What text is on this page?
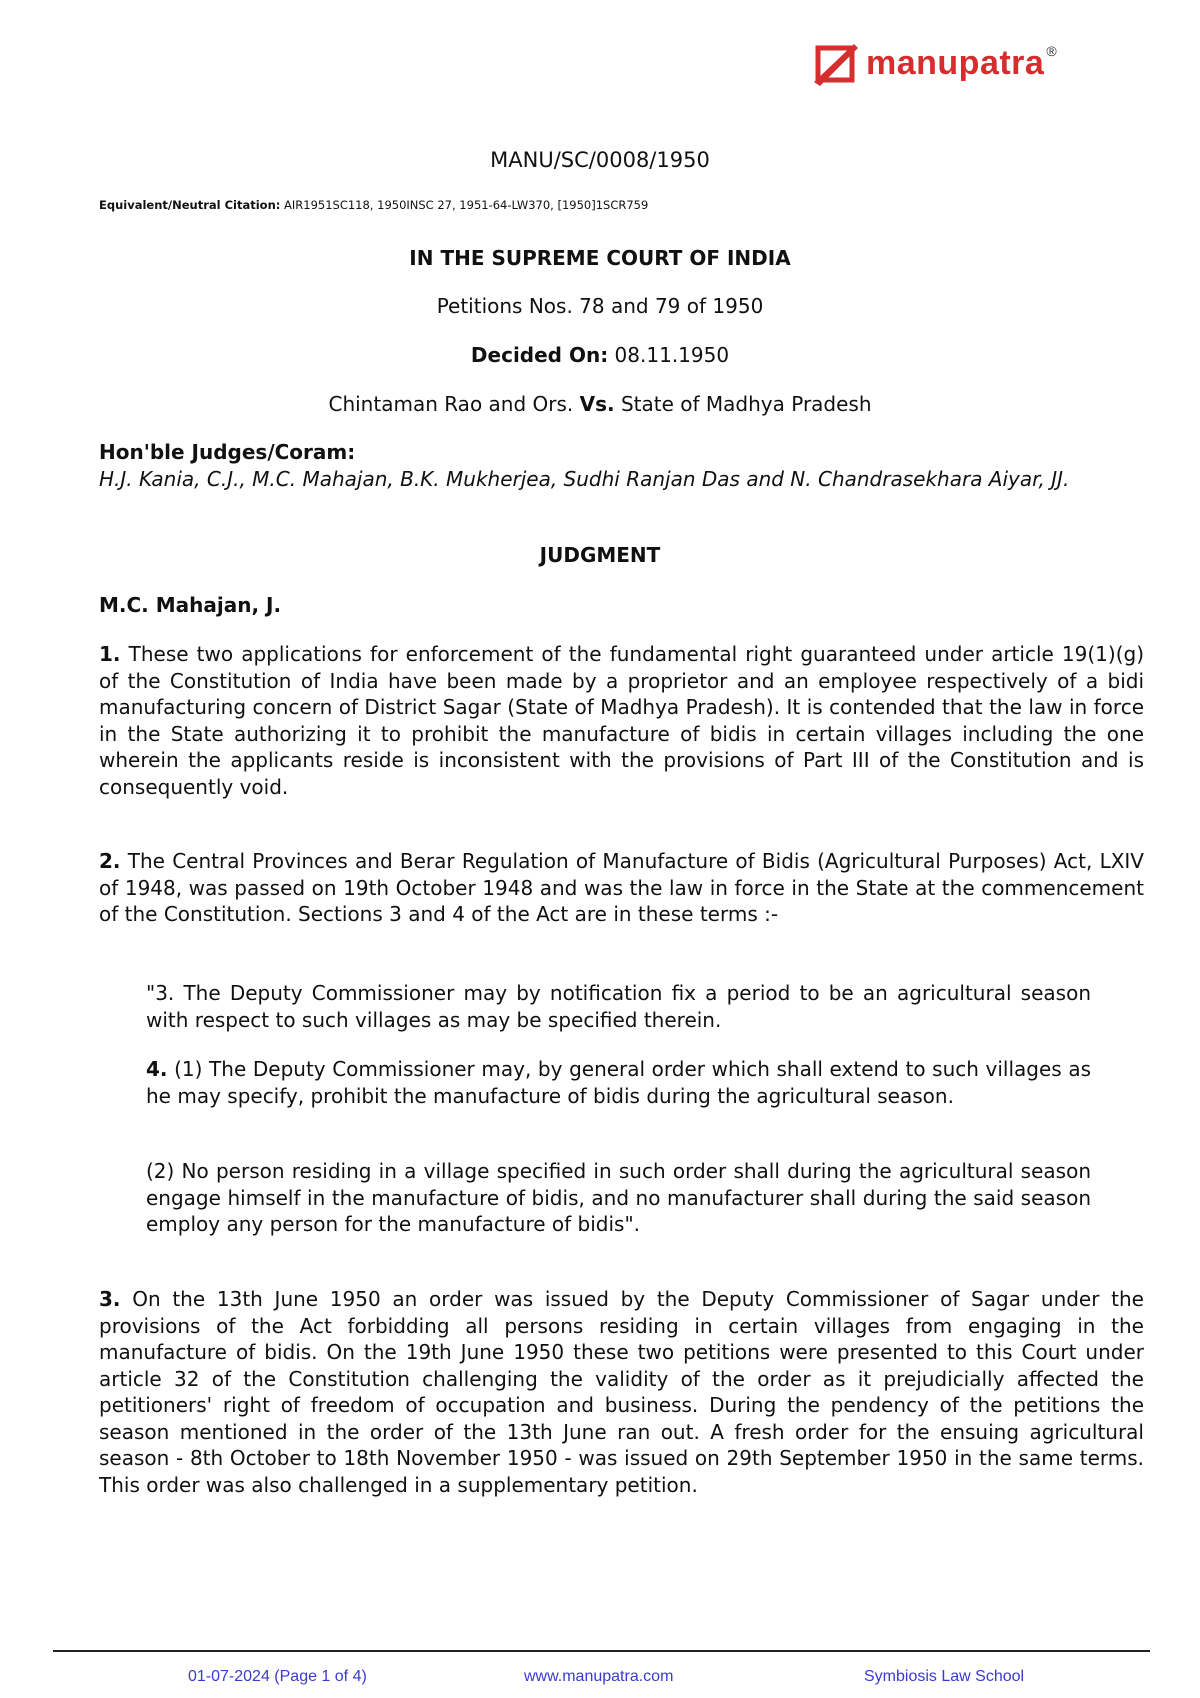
manupatra ®
MANU/SC/0008/1950
Equivalent/Neutral Citation: AIR1951SC118, 1950INSC 27, 1951-64-LW370, [1950]1SCR759
IN THE SUPREME COURT OF INDIA
Petitions Nos. 78 and 79 of 1950
Decided On: 08.11.1950
Chintaman Rao and Ors. Vs. State of Madhya Pradesh
Hon'ble Judges/Coram:
H.J. Kania, C.J., M.C. Mahajan, B.K. Mukherjea, Sudhi Ranjan Das and N. Chandrasekhara Aiyar, JJ.
JUDGMENT
M.C. Mahajan, J.

1. These two applications for enforcement of the fundamental right guaranteed under article 19(1)(g) of the Constitution of India have been made by a proprietor and an employee respectively of a bidi manufacturing concern of District Sagar (State of Madhya Pradesh). It is contended that the law in force in the State authorizing it to prohibit the manufacture of bidis in certain villages including the one wherein the applicants reside is inconsistent with the provisions of Part III of the Constitution and is consequently void.

2. The Central Provinces and Berar Regulation of Manufacture of Bidis (Agricultural Purposes) Act, LXIV of 1948, was passed on 19th October 1948 and was the law in force in the State at the commencement of the Constitution. Sections 3 and 4 of the Act are in these terms :-

"3. The Deputy Commissioner may by notification fix a period to be an agricultural season with respect to such villages as may be specified therein.

4. (1) The Deputy Commissioner may, by general order which shall extend to such villages as he may specify, prohibit the manufacture of bidis during the agricultural season.

(2) No person residing in a village specified in such order shall during the agricultural season engage himself in the manufacture of bidis, and no manufacturer shall during the said season employ any person for the manufacture of bidis".

3. On the 13th June 1950 an order was issued by the Deputy Commissioner of Sagar under the provisions of the Act forbidding all persons residing in certain villages from engaging in the manufacture of bidis. On the 19th June 1950 these two petitions were presented to this Court under article 32 of the Constitution challenging the validity of the order as it prejudicially affected the petitioners' right of freedom of occupation and business. During the pendency of the petitions the season mentioned in the order of the 13th June ran out. A fresh order for the ensuing agricultural season - 8th October to 18th November 1950 - was issued on 29th September 1950 in the same terms. This order was also challenged in a supplementary petition.

01-07-2024 (Page 1 of 4)	www.manupatra.com	Symbiosis Law School
